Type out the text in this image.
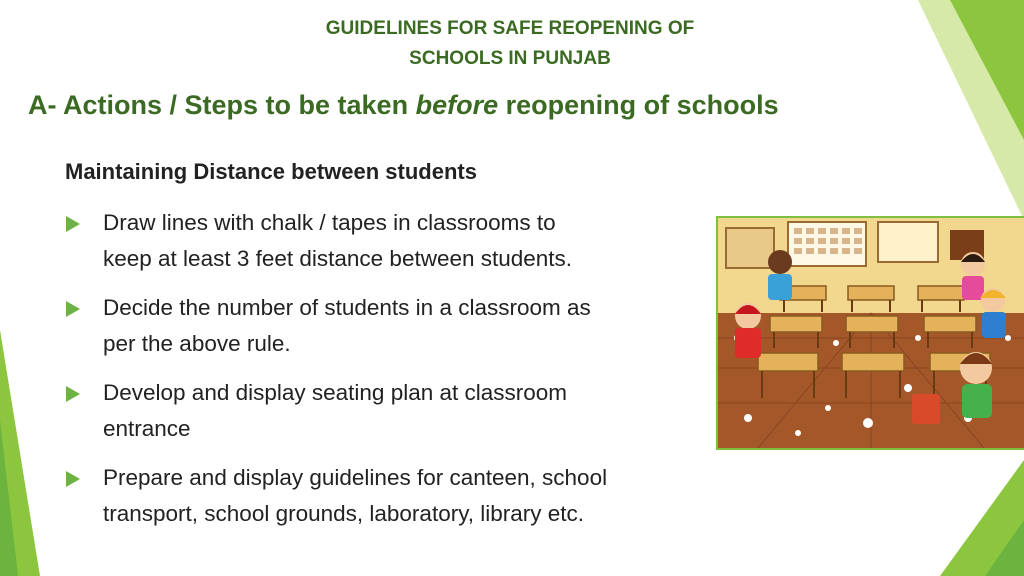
GUIDELINES FOR SAFE REOPENING OF
SCHOOLS IN PUNJAB
A- Actions / Steps to be taken before reopening of schools
Maintaining Distance between students
Draw lines with chalk / tapes in classrooms to
keep at least 3 feet distance between students.
Decide the number of students in a classroom as
per the above rule.
Develop and display seating plan at classroom
entrance
Prepare and display guidelines for canteen, school
transport, school grounds, laboratory, library etc.
